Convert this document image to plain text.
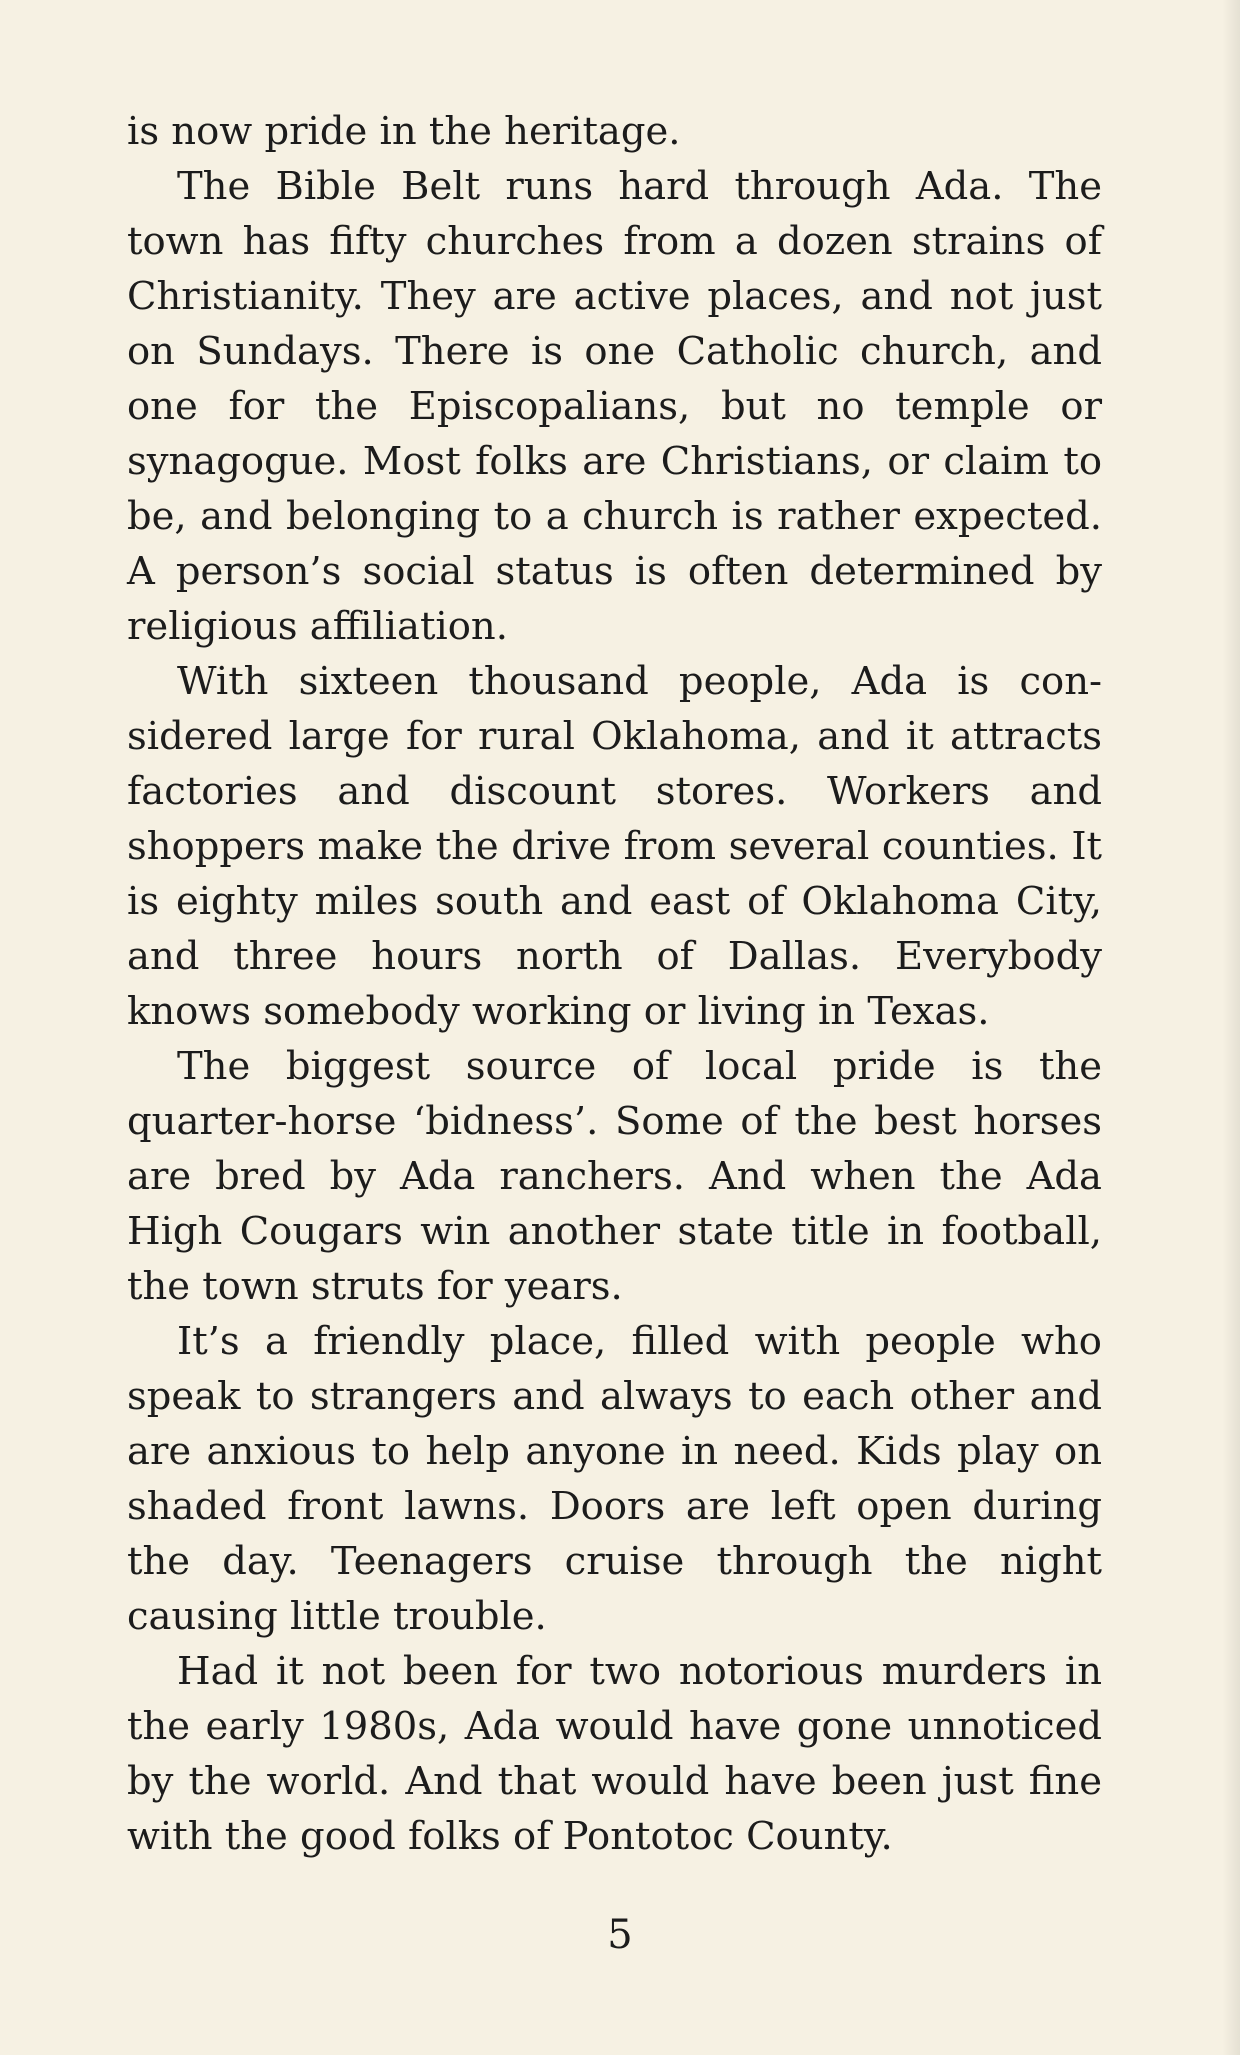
is now pride in the heritage.

The Bible Belt runs hard through Ada. The town has fifty churches from a dozen strains of Christianity. They are active places, and not just on Sundays. There is one Catholic church, and one for the Episcopalians, but no temple or synagogue. Most folks are Christians, or claim to be, and belonging to a church is rather expected. A person’s social status is often determined by religious affiliation.

With sixteen thousand people, Ada is considered large for rural Oklahoma, and it attracts factories and discount stores. Workers and shoppers make the drive from several counties. It is eighty miles south and east of Oklahoma City, and three hours north of Dallas. Everybody knows somebody working or living in Texas.

The biggest source of local pride is the quarter-horse ‘bidness’. Some of the best horses are bred by Ada ranchers. And when the Ada High Cougars win another state title in football, the town struts for years.

It’s a friendly place, filled with people who speak to strangers and always to each other and are anxious to help anyone in need. Kids play on shaded front lawns. Doors are left open during the day. Teenagers cruise through the night causing little trouble.

Had it not been for two notorious murders in the early 1980s, Ada would have gone unnoticed by the world. And that would have been just fine with the good folks of Pontotoc County.

5
